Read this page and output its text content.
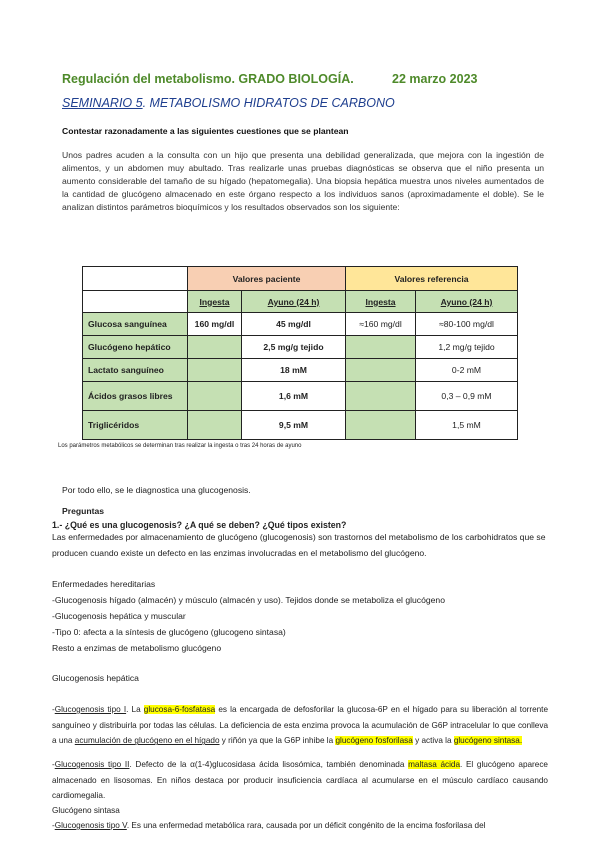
Regulación del metabolismo. GRADO BIOLOGÍA.	22 marzo 2023
SEMINARIO 5. METABOLISMO HIDRATOS DE CARBONO
Contestar razonadamente a las siguientes cuestiones que se plantean
Unos padres acuden a la consulta con un hijo que presenta una debilidad generalizada, que mejora con la ingestión de alimentos, y un abdomen muy abultado. Tras realizarle unas pruebas diagnósticas se observa que el niño presenta un aumento considerable del tamaño de su hígado (hepatomegalia). Una biopsia hepática muestra unos niveles aumentados de la cantidad de glucógeno almacenado en este órgano respecto a los individuos sanos (aproximadamente el doble). Se le analizan distintos parámetros bioquímicos y los resultados observados son los siguiente:
	Valores paciente		Valores referencia	
	Ingesta	Ayuno (24 h)	Ingesta	Ayuno (24 h)
Glucosa sanguínea	160 mg/dl	45 mg/dl	≈160 mg/dl	≈80-100 mg/dl
Glucógeno hepático		2,5 mg/g tejido		1,2 mg/g tejido
Lactato sanguíneo		18 mM		0-2 mM
Ácidos grasos libres		1,6 mM		0,3 – 0,9 mM
Triglicéridos		9,5 mM		1,5 mM
Los parámetros metabólicos se determinan tras realizar la ingesta o tras 24 horas de ayuno
Por todo ello, se le diagnostica una glucogenosis.
Preguntas
1.- ¿Qué es una glucogenosis? ¿A qué se deben? ¿Qué tipos existen?
Las enfermedades por almacenamiento de glucógeno (glucogenosis) son trastornos del metabolismo de los carbohidratos que se producen cuando existe un defecto en las enzimas involucradas en el metabolismo del glucógeno.
Enfermedades hereditarias
-Glucogenosis hígado (almacén) y músculo (almacén y uso). Tejidos donde se metaboliza el glucógeno
-Glucogenosis hepática y muscular
-Tipo 0: afecta a la síntesis de glucógeno (glucogeno sintasa)
Resto a enzimas de metabolismo glucógeno
Glucogenosis hepática
-Glucogenosis tipo I. La glucosa-6-fosfatasa es la encargada de defosforilar la glucosa-6P en el hígado para su liberación al torrente sanguíneo y distribuirla por todas las células. La deficiencia de esta enzima provoca la acumulación de G6P intracelular lo que conlleva a una acumulación de glucógeno en el hígado y riñón ya que la G6P inhibe la glucógeno fosforilasa y activa la glucógeno sintasa.
-Glucogenosis tipo II. Defecto de la α(1-4)glucosidasa ácida lisosómica, también denominada maltasa ácida. El glucógeno aparece almacenado en lisosomas. En niños destaca por producir insuficiencia cardíaca al acumularse en el músculo cardíaco causando cardiomegalia.
Glucógeno sintasa
-Glucogenosis tipo V. Es una enfermedad metabólica rara, causada por un déficit congénito de la encima fosforilasa del
